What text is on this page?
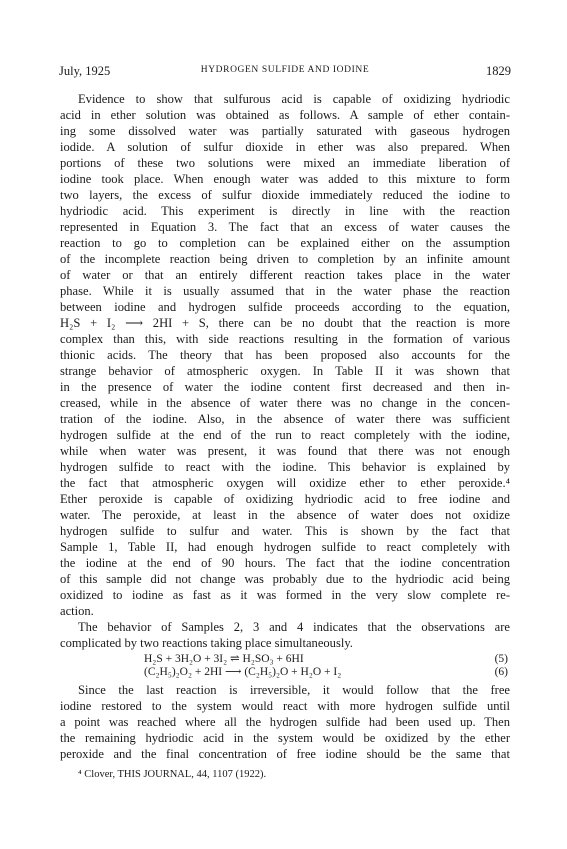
July, 1925	HYDROGEN SULFIDE AND IODINE	1829
Evidence to show that sulfurous acid is capable of oxidizing hydriodic
acid in ether solution was obtained as follows. A sample of ether contain-
ing some dissolved water was partially saturated with gaseous hydrogen
iodide. A solution of sulfur dioxide in ether was also prepared. When
portions of these two solutions were mixed an immediate liberation of
iodine took place. When enough water was added to this mixture to form
two layers, the excess of sulfur dioxide immediately reduced the iodine to
hydriodic acid. This experiment is directly in line with the reaction
represented in Equation 3. The fact that an excess of water causes the
reaction to go to completion can be explained either on the assumption
of the incomplete reaction being driven to completion by an infinite amount
of water or that an entirely different reaction takes place in the water
phase. While it is usually assumed that in the water phase the reaction
between iodine and hydrogen sulfide proceeds according to the equation,
H₂S + I₂ ⟶ 2HI + S, there can be no doubt that the reaction is more
complex than this, with side reactions resulting in the formation of various
thionic acids. The theory that has been proposed also accounts for the
strange behavior of atmospheric oxygen. In Table II it was shown that
in the presence of water the iodine content first decreased and then in-
creased, while in the absence of water there was no change in the concen-
tration of the iodine. Also, in the absence of water there was sufficient
hydrogen sulfide at the end of the run to react completely with the iodine,
while when water was present, it was found that there was not enough
hydrogen sulfide to react with the iodine. This behavior is explained by
the fact that atmospheric oxygen will oxidize ether to ether peroxide.⁴
Ether peroxide is capable of oxidizing hydriodic acid to free iodine and
water. The peroxide, at least in the absence of water does not oxidize
hydrogen sulfide to sulfur and water. This is shown by the fact that
Sample 1, Table II, had enough hydrogen sulfide to react completely with
the iodine at the end of 90 hours. The fact that the iodine concentration
of this sample did not change was probably due to the hydriodic acid being
oxidized to iodine as fast as it was formed in the very slow complete re-
action.
The behavior of Samples 2, 3 and 4 indicates that the observations are
complicated by two reactions taking place simultaneously.
H₂S + 3H₂O + 3I₂ ⇌ H₂SO₃ + 6HI	(5)
(C₂H₅)₂O₂ + 2HI ⟶ (C₂H₅)₂O + H₂O + I₂	(6)
Since the last reaction is irreversible, it would follow that the free
iodine restored to the system would react with more hydrogen sulfide until
a point was reached where all the hydrogen sulfide had been used up. Then
the remaining hydriodic acid in the system would be oxidized by the ether
peroxide and the final concentration of free iodine should be the same that
⁴ Clover, THIS JOURNAL, 44, 1107 (1922).
